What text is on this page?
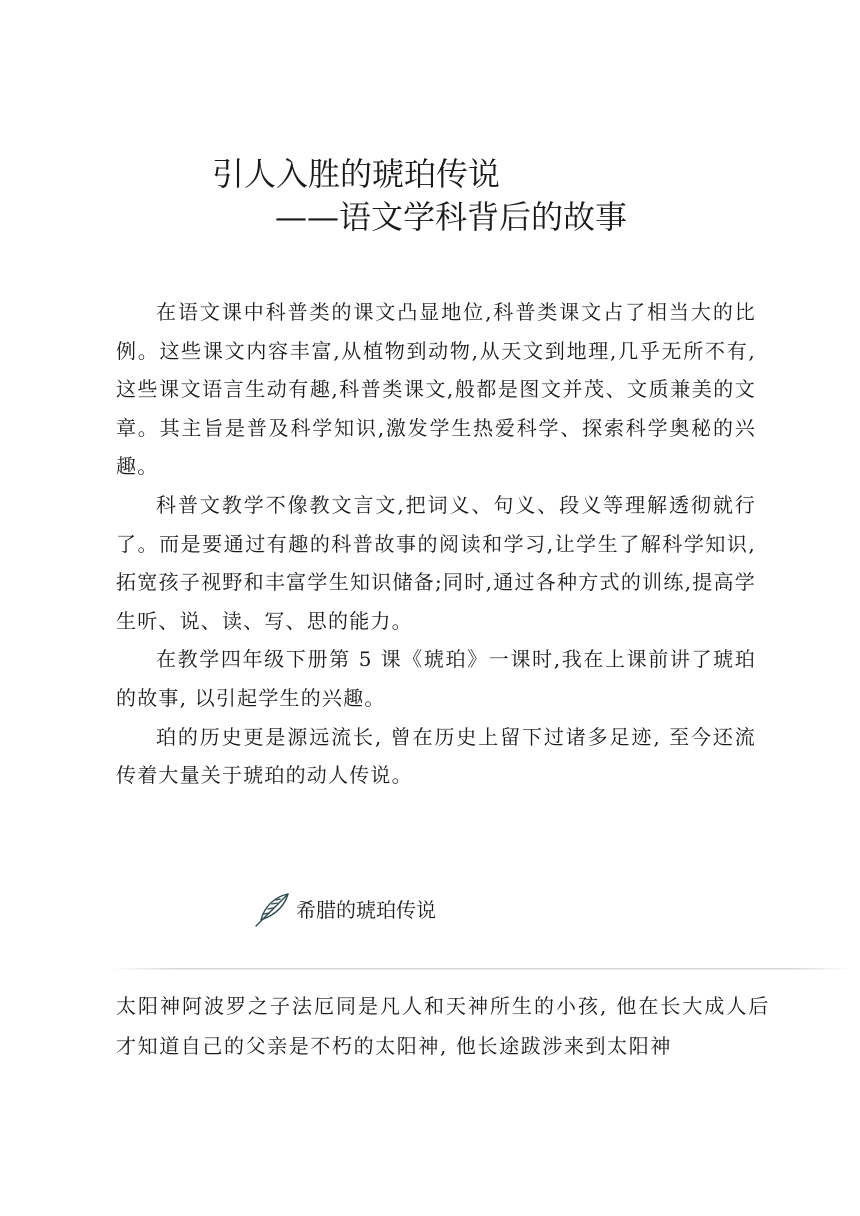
引人入胜的琥珀传说
——语文学科背后的故事

在语文课中科普类的课文凸显地位,科普类课文占了相当大的比例。这些课文内容丰富,从植物到动物,从天文到地理,几乎无所不有,这些课文语言生动有趣,科普类课文,般都是图文并茂、文质兼美的文章。其主旨是普及科学知识,激发学生热爱科学、探索科学奥秘的兴趣。

科普文教学不像教文言文,把词义、句义、段义等理解透彻就行了。而是要通过有趣的科普故事的阅读和学习,让学生了解科学知识,拓宽孩子视野和丰富学生知识储备;同时,通过各种方式的训练,提高学生听、说、读、写、思的能力。

在教学四年级下册第 5 课《琥珀》一课时,我在上课前讲了琥珀的故事, 以引起学生的兴趣。

珀的历史更是源远流长, 曾在历史上留下过诸多足迹, 至今还流传着大量关于琥珀的动人传说。

希腊的琥珀传说

太阳神阿波罗之子法厄同是凡人和天神所生的小孩, 他在长大成人后才知道自己的父亲是不朽的太阳神, 他长途跋涉来到太阳神
